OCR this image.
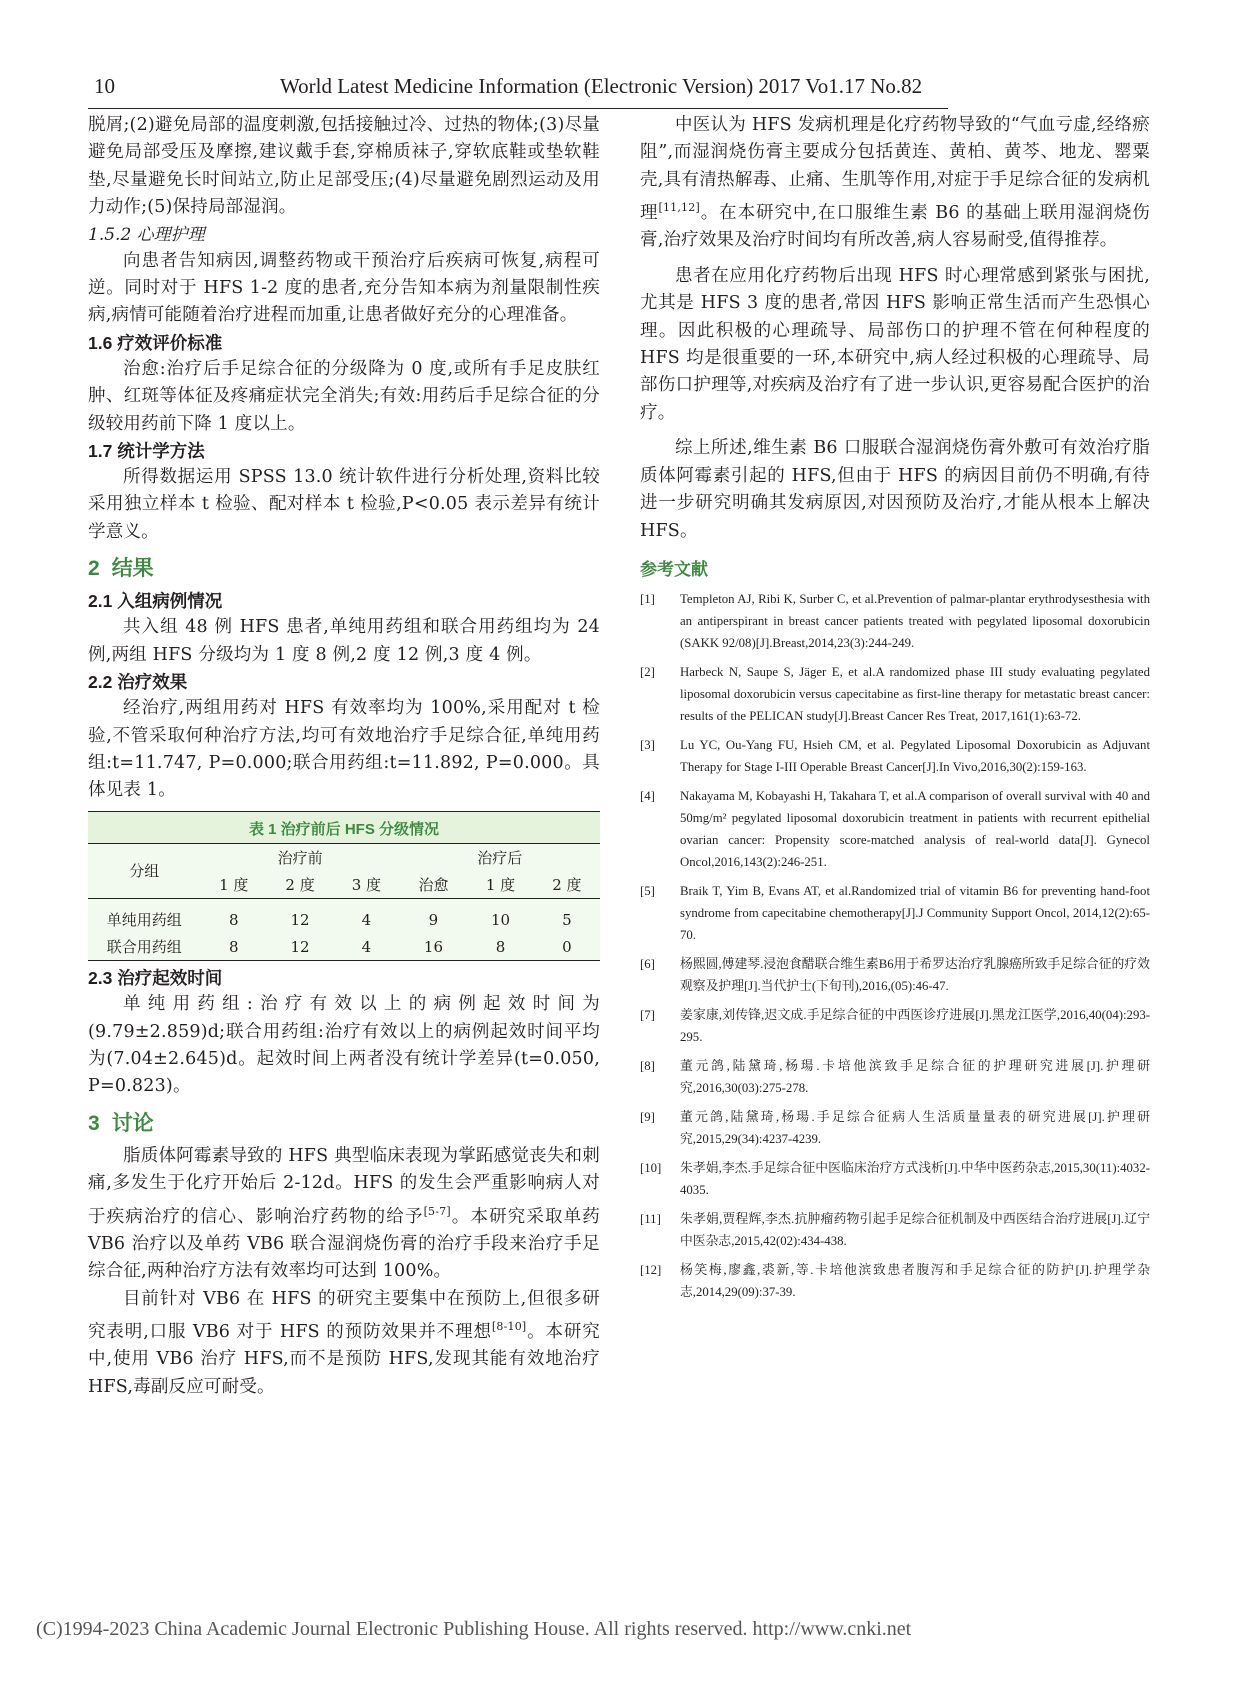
10	World Latest Medicine Information (Electronic Version) 2017 Vo1.17 No.82

脱屑;(2)避免局部的温度刺激,包括接触过冷、过热的物体;(3)尽量避免局部受压及摩擦,建议戴手套,穿棉质袜子,穿软底鞋或垫软鞋垫,尽量避免长时间站立,防止足部受压;(4)尽量避免剧烈运动及用力动作;(5)保持局部湿润。

1.5.2 心理护理

向患者告知病因,调整药物或干预治疗后疾病可恢复,病程可逆。同时对于 HFS 1-2 度的患者,充分告知本病为剂量限制性疾病,病情可能随着治疗进程而加重,让患者做好充分的心理准备。

1.6 疗效评价标准

治愈:治疗后手足综合征的分级降为 0 度,或所有手足皮肤红肿、红斑等体征及疼痛症状完全消失;有效:用药后手足综合征的分级较用药前下降 1 度以上。

1.7 统计学方法

所得数据运用 SPSS 13.0 统计软件进行分析处理,资料比较采用独立样本 t 检验、配对样本 t 检验,P<0.05 表示差异有统计学意义。

2 结果

2.1 入组病例情况

共入组 48 例 HFS 患者,单纯用药组和联合用药组均为 24 例,两组 HFS 分级均为 1 度 8 例,2 度 12 例,3 度 4 例。

2.2 治疗效果

经治疗,两组用药对 HFS 有效率均为 100%,采用配对 t 检验,不管采取何种治疗方法,均可有效地治疗手足综合征,单纯用药组:t=11.747, P=0.000;联合用药组:t=11.892, P=0.000。具体见表 1。

表 1 治疗前后 HFS 分级情况
分组	治疗前			治疗后		
	1 度	2 度	3 度	治愈	1 度	2 度

单纯用药组	8	12	4	9	10	5
联合用药组	8	12	4	16	8	0

2.3 治疗起效时间

单纯用药组:治疗有效以上的病例起效时间为(9.79±2.859)d;联合用药组:治疗有效以上的病例起效时间平均为(7.04±2.645)d。起效时间上两者没有统计学差异(t=0.050, P=0.823)。

3 讨论

脂质体阿霉素导致的 HFS 典型临床表现为掌跖感觉丧失和刺痛,多发生于化疗开始后 2-12d。HFS 的发生会严重影响病人对于疾病治疗的信心、影响治疗药物的给予[5-7]。本研究采取单药 VB6 治疗以及单药 VB6 联合湿润烧伤膏的治疗手段来治疗手足综合征,两种治疗方法有效率均可达到 100%。

目前针对 VB6 在 HFS 的研究主要集中在预防上,但很多研究表明,口服 VB6 对于 HFS 的预防效果并不理想[8-10]。本研究中,使用 VB6 治疗 HFS,而不是预防 HFS,发现其能有效地治疗 HFS,毒副反应可耐受。

中医认为 HFS 发病机理是化疗药物导致的“气血亏虚,经络瘀阻”,而湿润烧伤膏主要成分包括黄连、黄柏、黄芩、地龙、罂粟壳,具有清热解毒、止痛、生肌等作用,对症于手足综合征的发病机理[11,12]。在本研究中,在口服维生素 B6 的基础上联用湿润烧伤膏,治疗效果及治疗时间均有所改善,病人容易耐受,值得推荐。

患者在应用化疗药物后出现 HFS 时心理常感到紧张与困扰,尤其是 HFS 3 度的患者,常因 HFS 影响正常生活而产生恐惧心理。因此积极的心理疏导、局部伤口的护理不管在何种程度的 HFS 均是很重要的一环,本研究中,病人经过积极的心理疏导、局部伤口护理等,对疾病及治疗有了进一步认识,更容易配合医护的治疗。

综上所述,维生素 B6 口服联合湿润烧伤膏外敷可有效治疗脂质体阿霉素引起的 HFS,但由于 HFS 的病因目前仍不明确,有待进一步研究明确其发病原因,对因预防及治疗,才能从根本上解决 HFS。

参考文献
[1] Templeton AJ, Ribi K, Surber C, et al.Prevention of palmar-plantar erythrodysesthesia with an antiperspirant in breast cancer patients treated with pegylated liposomal doxorubicin (SAKK 92/08)[J].Breast,2014,23(3):244-249.
[2] Harbeck N, Saupe S, Jäger E, et al.A randomized phase III study evaluating pegylated liposomal doxorubicin versus capecitabine as first-line therapy for metastatic breast cancer: results of the PELICAN study[J].Breast Cancer Res Treat, 2017,161(1):63-72.
[3] Lu YC, Ou-Yang FU, Hsieh CM, et al. Pegylated Liposomal Doxorubicin as Adjuvant Therapy for Stage I-III Operable Breast Cancer[J].In Vivo,2016,30(2):159-163.
[4] Nakayama M, Kobayashi H, Takahara T, et al.A comparison of overall survival with 40 and 50mg/m² pegylated liposomal doxorubicin treatment in patients with recurrent epithelial ovarian cancer: Propensity score-matched analysis of real-world data[J]. Gynecol Oncol,2016,143(2):246-251.
[5] Braik T, Yim B, Evans AT, et al.Randomized trial of vitamin B6 for preventing hand-foot syndrome from capecitabine chemotherapy[J].J Community Support Oncol, 2014,12(2):65-70.
[6] 杨熙圆,傅建琴.浸泡食醋联合维生素B6用于希罗达治疗乳腺癌所致手足综合征的疗效观察及护理[J].当代护士(下旬刊),2016,(05):46-47.
[7] 姜家康,刘传锋,迟文成.手足综合征的中西医诊疗进展[J].黑龙江医学,2016,40(04):293-295.
[8] 董元鸽,陆黛琦,杨瑒.卡培他滨致手足综合征的护理研究进展[J].护理研究,2016,30(03):275-278.
[9] 董元鸽,陆黛琦,杨瑒.手足综合征病人生活质量量表的研究进展[J].护理研究,2015,29(34):4237-4239.
[10] 朱孝娟,李杰.手足综合征中医临床治疗方式浅析[J].中华中医药杂志,2015,30(11):4032-4035.
[11] 朱孝娟,贾程辉,李杰.抗肿瘤药物引起手足综合征机制及中西医结合治疗进展[J].辽宁中医杂志,2015,42(02):434-438.
[12] 杨笑梅,廖鑫,裘新,等.卡培他滨致患者腹泻和手足综合征的防护[J].护理学杂志,2014,29(09):37-39.
(C)1994-2023 China Academic Journal Electronic Publishing House. All rights reserved. http://www.cnki.net
